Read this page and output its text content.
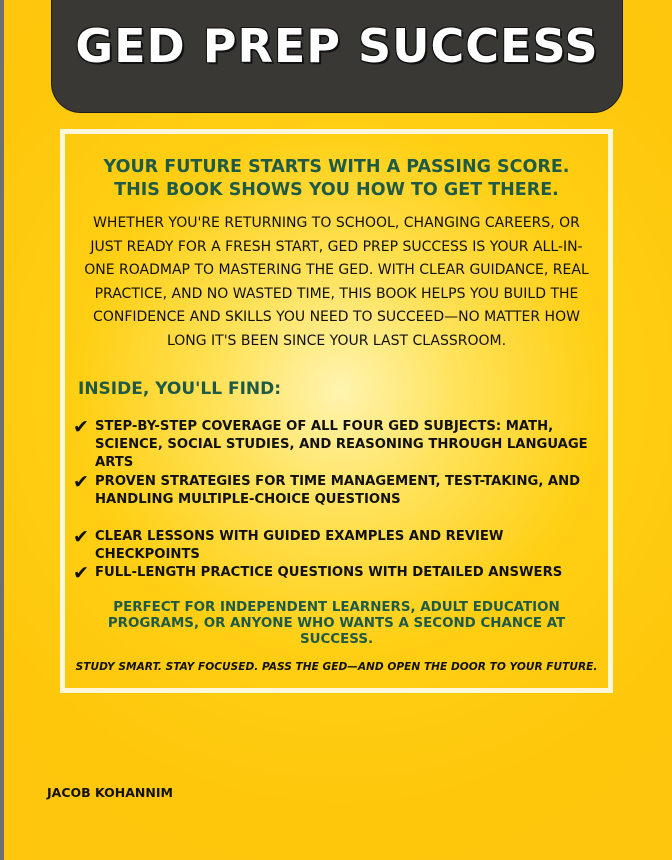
GED PREP SUCCESS

YOUR FUTURE STARTS WITH A PASSING SCORE.
THIS BOOK SHOWS YOU HOW TO GET THERE.

WHETHER YOU'RE RETURNING TO SCHOOL, CHANGING CAREERS, OR JUST READY FOR A FRESH START, GED PREP SUCCESS IS YOUR ALL-IN-ONE ROADMAP TO MASTERING THE GED. WITH CLEAR GUIDANCE, REAL PRACTICE, AND NO WASTED TIME, THIS BOOK HELPS YOU BUILD THE CONFIDENCE AND SKILLS YOU NEED TO SUCCEED—NO MATTER HOW LONG IT'S BEEN SINCE YOUR LAST CLASSROOM.

INSIDE, YOU'LL FIND:
✔ STEP-BY-STEP COVERAGE OF ALL FOUR GED SUBJECTS: MATH, SCIENCE, SOCIAL STUDIES, AND REASONING THROUGH LANGUAGE ARTS
✔ PROVEN STRATEGIES FOR TIME MANAGEMENT, TEST-TAKING, AND HANDLING MULTIPLE-CHOICE QUESTIONS
✔ CLEAR LESSONS WITH GUIDED EXAMPLES AND REVIEW CHECKPOINTS
✔ FULL-LENGTH PRACTICE QUESTIONS WITH DETAILED ANSWERS

PERFECT FOR INDEPENDENT LEARNERS, ADULT EDUCATION PROGRAMS, OR ANYONE WHO WANTS A SECOND CHANCE AT SUCCESS.

STUDY SMART. STAY FOCUSED. PASS THE GED—AND OPEN THE DOOR TO YOUR FUTURE.

JACOB KOHANNIM
